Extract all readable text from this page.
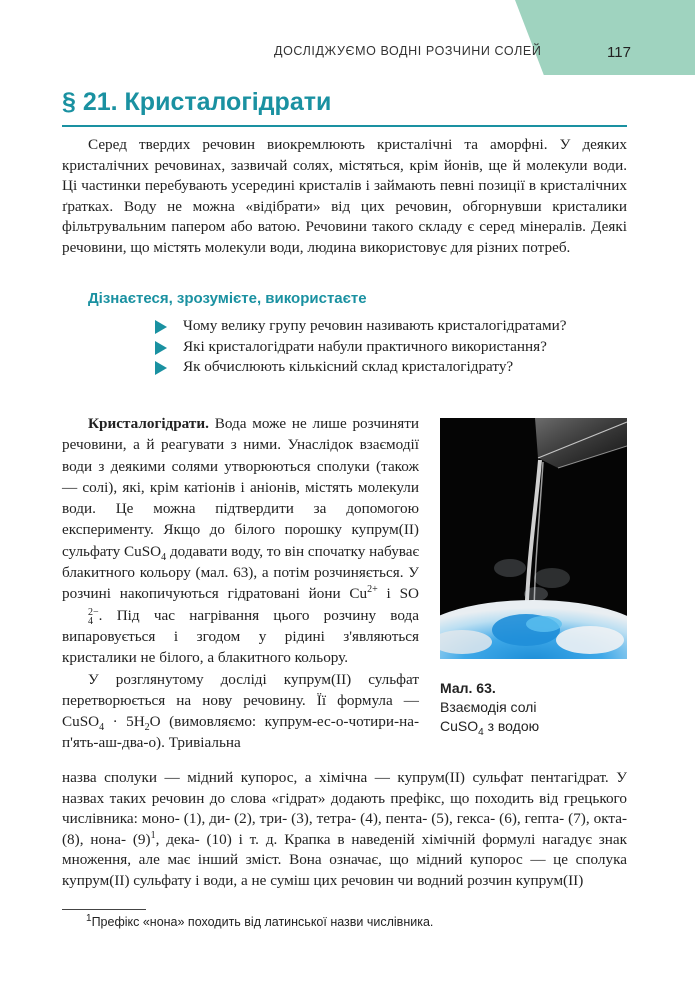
ДОСЛІДЖУЄМО ВОДНІ РОЗЧИНИ СОЛЕЙ	117
§ 21. Кристалогідрати

Серед твердих речовин виокремлюють кристалічні та аморфні. У деяких кристалічних речовинах, зазвичай солях, містяться, крім йонів, ще й молекули води. Ці частинки перебувають усередині кристалів і займають певні позиції в кристалічних ґратках. Воду не можна «відібрати» від цих речовин, обгорнувши кристалики фільтрувальним папером або ватою. Речовини такого складу є серед мінералів. Деякі речовини, що містять молекули води, людина використовує для різних потреб.

Дізнаєтеся, зрозумієте, використаєте
Чому велику групу речовин називають кристалогідратами?
Які кристалогідрати набули практичного використання?
Як обчислюють кількісний склад кристалогідрату?

Кристалогідрати. Вода може не лише розчиняти речовини, а й реагувати з ними. Унаслідок взаємодії води з деякими солями утворюються сполуки (також — солі), які, крім катіонів і аніонів, містять молекули води. Це можна підтвердити за допомогою експерименту. Якщо до білого порошку купрум(ІІ) сульфату CuSO$_4$ додавати воду, то він спочатку набуває блакитного кольору (мал. 63), а потім розчиняється. У розчині накопичуються гідратовані йони $Cu^{2+}$ і SO
2−
4 . Під час нагрівання цього розчину вода випаровується і згодом у рідині з'являються кристалики не білого, а блакитного кольору.

У розглянутому досліді купрум(ІІ) сульфат перетворюється на нову речовину. Її формула — CuSO$_4$ · $5H_2O$ (вимовляємо: купрум-ес-о-чотири-на-п'ять-аш-два-о). Тривіальна

Мал. 63.
Взаємодія солі
CuSO$_4$ з водою

назва сполуки — мідний купорос, а хімічна — купрум(ІІ) сульфат пентагідрат. У назвах таких речовин до слова «гідрат» додають префікс, що походить від грецького числівника: моно- (1), ди- (2), три- (3), тетра- (4), пента- (5), гекса- (6), гепта- (7), окта- (8), нона- $(9)^1$, дека- (10) і т. д. Крапка в наведеній хімічній формулі нагадує знак множення, але має інший зміст. Вона означає, що мідний купорос — це сполука купрум(ІІ) сульфату і води, а не суміш цих речовин чи водний розчин купрум(ІІ)

$^1$Префікс «нона» походить від латинської назви числівника.
